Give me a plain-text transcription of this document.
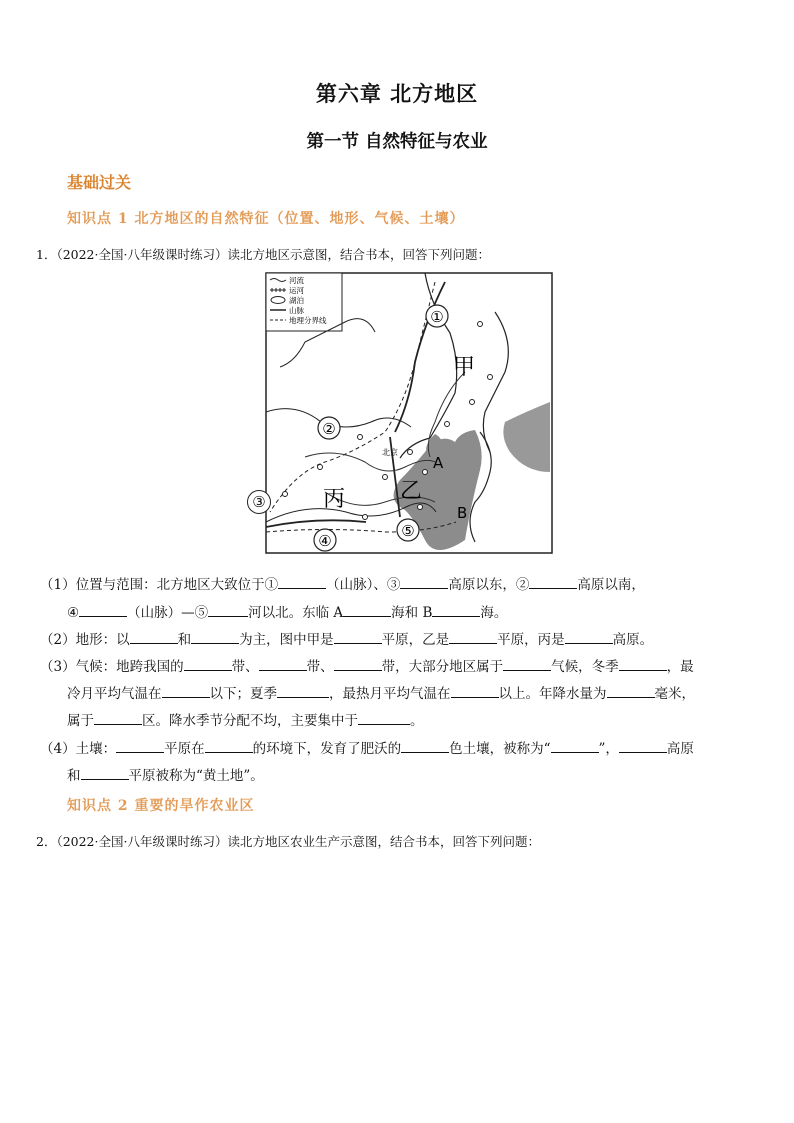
第六章 北方地区
第一节 自然特征与农业
基础过关
知识点 1 北方地区的自然特征（位置、地形、气候、土壤）
1．（2022·全国·八年级课时练习）读北方地区示意图，结合书本，回答下列问题：
河流
运河
湖泊
山脉
地理分界线	①
②
④
⑤
甲
乙
丙
A
B
北京
③
（1）位置与范围：北方地区大致位于①	（山脉）、③	高原以东，②	高原以南，
④	（山脉）—⑤	河以北。东临 A	海和 B	海。
（2）地形：以	和	为主，图中甲是	平原，乙是	平原，丙是	高原。
（3）气候：地跨我国的	带、	带、	带，大部分地区属于	气候，冬季	，最
冷月平均气温在	以下；夏季	，最热月平均气温在	以上。年降水量为	毫米，
属于	区。降水季节分配不均，主要集中于	。
（4）土壤：	平原在	的环境下，发育了肥沃的	色土壤，被称为“	”，	高原
和	平原被称为“黄土地”。
知识点 2 重要的旱作农业区
2．（2022·全国·八年级课时练习）读北方地区农业生产示意图，结合书本，回答下列问题：
